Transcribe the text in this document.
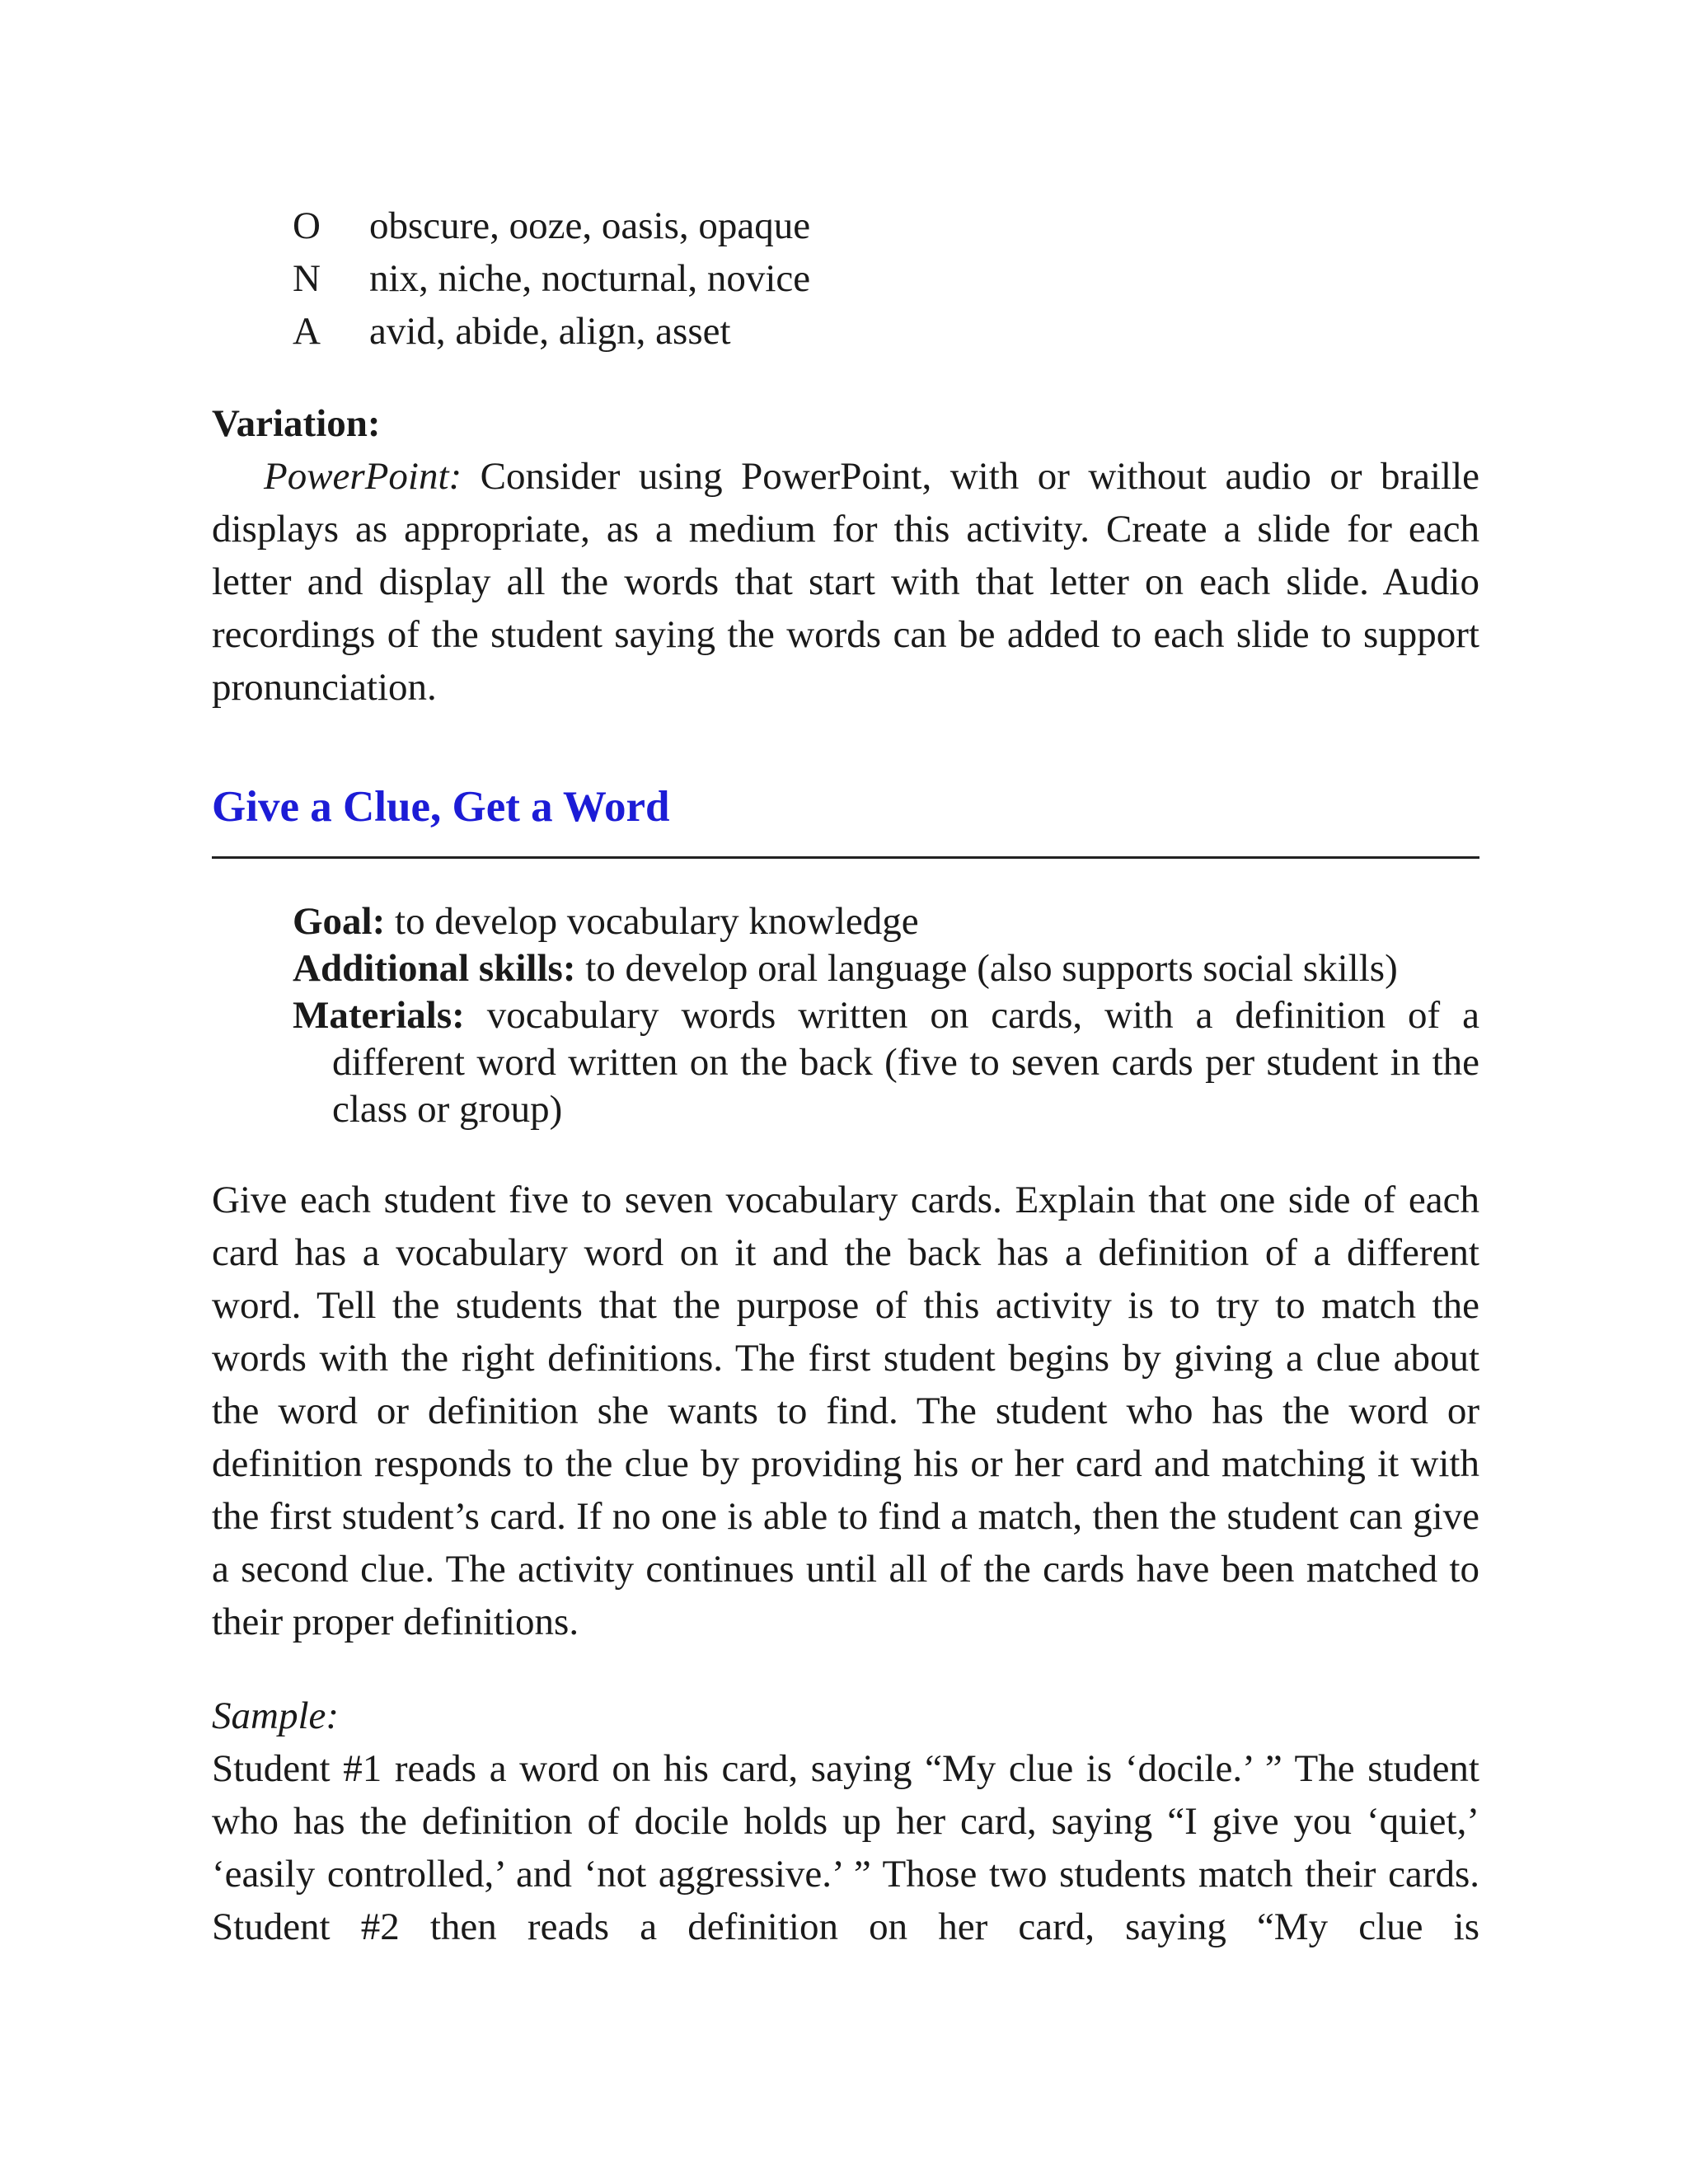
O	obscure, ooze, oasis, opaque
N	nix, niche, nocturnal, novice
A	avid, abide, align, asset
Variation:
PowerPoint: Consider using PowerPoint, with or without audio or braille displays as appropriate, as a medium for this activity. Create a slide for each letter and display all the words that start with that letter on each slide. Audio recordings of the student saying the words can be added to each slide to support pronunciation.
Give a Clue, Get a Word
Goal: to develop vocabulary knowledge
Additional skills: to develop oral language (also supports social skills)
Materials: vocabulary words written on cards, with a definition of a different word written on the back (five to seven cards per student in the class or group)
Give each student five to seven vocabulary cards. Explain that one side of each card has a vocabulary word on it and the back has a definition of a different word. Tell the students that the purpose of this activity is to try to match the words with the right definitions. The first student begins by giving a clue about the word or definition she wants to find. The student who has the word or definition responds to the clue by providing his or her card and matching it with the first student’s card. If no one is able to find a match, then the student can give a second clue. The activity continues until all of the cards have been matched to their proper definitions.
Sample:
Student #1 reads a word on his card, saying “My clue is ‘docile.’ ” The student who has the definition of docile holds up her card, saying “I give you ‘quiet,’ ‘easily controlled,’ and ‘not aggressive.’ ” Those two students match their cards. Student #2 then reads a definition on her card, saying “My clue is
